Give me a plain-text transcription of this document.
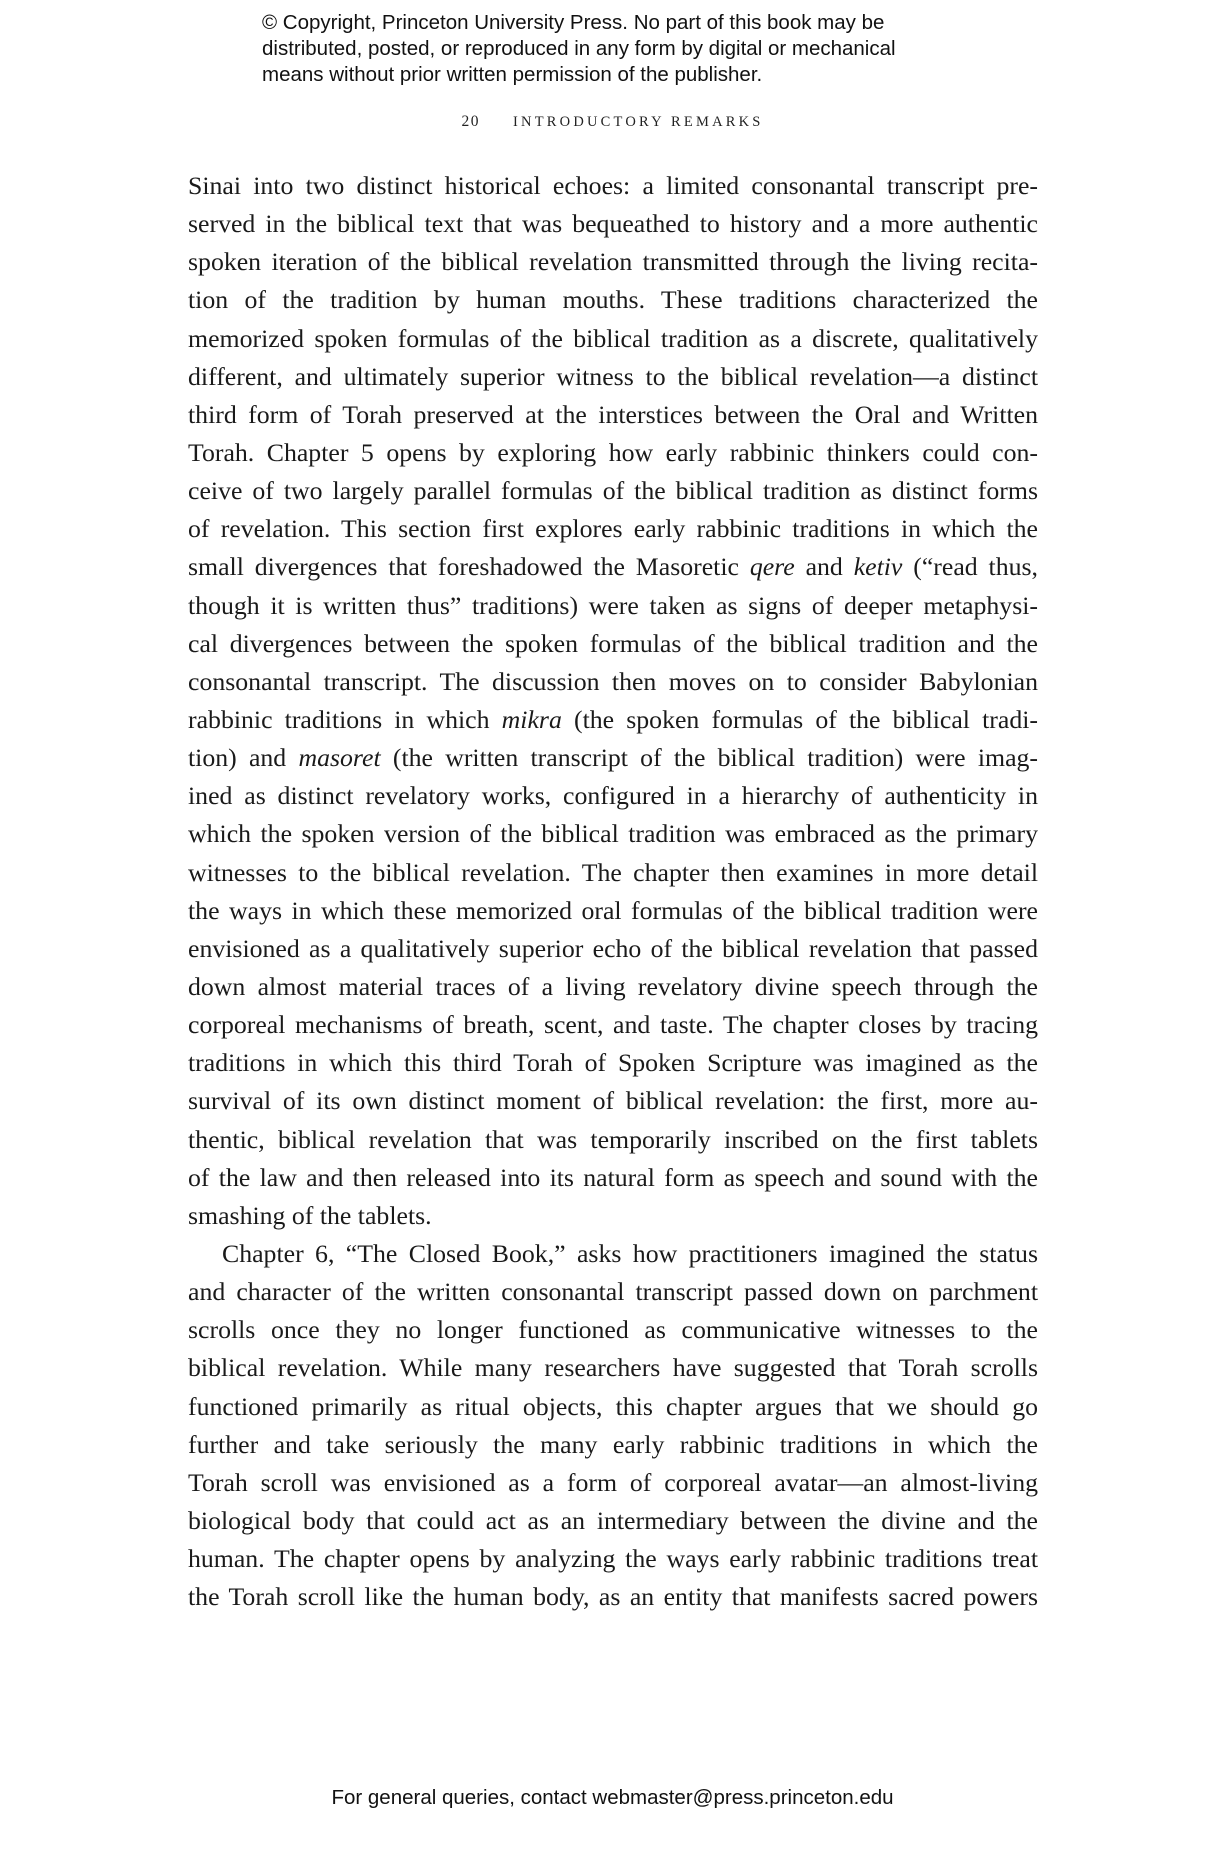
© Copyright, Princeton University Press. No part of this book may be
distributed, posted, or reproduced in any form by digital or mechanical
means without prior written permission of the publisher.
20 INTRODUCTORY REMARKS
Sinai into two distinct historical echoes: a limited consonantal transcript pre-
served in the biblical text that was bequeathed to history and a more authentic
spoken iteration of the biblical revelation transmitted through the living recita-
tion of the tradition by human mouths. These traditions characterized the
memorized spoken formulas of the biblical tradition as a discrete, qualitatively
different, and ultimately superior witness to the biblical revelation—a distinct
third form of Torah preserved at the interstices between the Oral and Written
Torah. Chapter 5 opens by exploring how early rabbinic thinkers could con-
ceive of two largely parallel formulas of the biblical tradition as distinct forms
of revelation. This section first explores early rabbinic traditions in which the
small divergences that foreshadowed the Masoretic qere and ketiv (“read thus,
though it is written thus” traditions) were taken as signs of deeper metaphysi-
cal divergences between the spoken formulas of the biblical tradition and the
consonantal transcript. The discussion then moves on to consider Babylonian
rabbinic traditions in which mikra (the spoken formulas of the biblical tradi-
tion) and masoret (the written transcript of the biblical tradition) were imag-
ined as distinct revelatory works, configured in a hierarchy of authenticity in
which the spoken version of the biblical tradition was embraced as the primary
witnesses to the biblical revelation. The chapter then examines in more detail
the ways in which these memorized oral formulas of the biblical tradition were
envisioned as a qualitatively superior echo of the biblical revelation that passed
down almost material traces of a living revelatory divine speech through the
corporeal mechanisms of breath, scent, and taste. The chapter closes by tracing
traditions in which this third Torah of Spoken Scripture was imagined as the
survival of its own distinct moment of biblical revelation: the first, more au-
thentic, biblical revelation that was temporarily inscribed on the first tablets
of the law and then released into its natural form as speech and sound with the
smashing of the tablets.
Chapter 6, “The Closed Book,” asks how practitioners imagined the status
and character of the written consonantal transcript passed down on parchment
scrolls once they no longer functioned as communicative witnesses to the
biblical revelation. While many researchers have suggested that Torah scrolls
functioned primarily as ritual objects, this chapter argues that we should go
further and take seriously the many early rabbinic traditions in which the
Torah scroll was envisioned as a form of corporeal avatar—an almost-living
biological body that could act as an intermediary between the divine and the
human. The chapter opens by analyzing the ways early rabbinic traditions treat
the Torah scroll like the human body, as an entity that manifests sacred powers
For general queries, contact webmaster@press.princeton.edu
